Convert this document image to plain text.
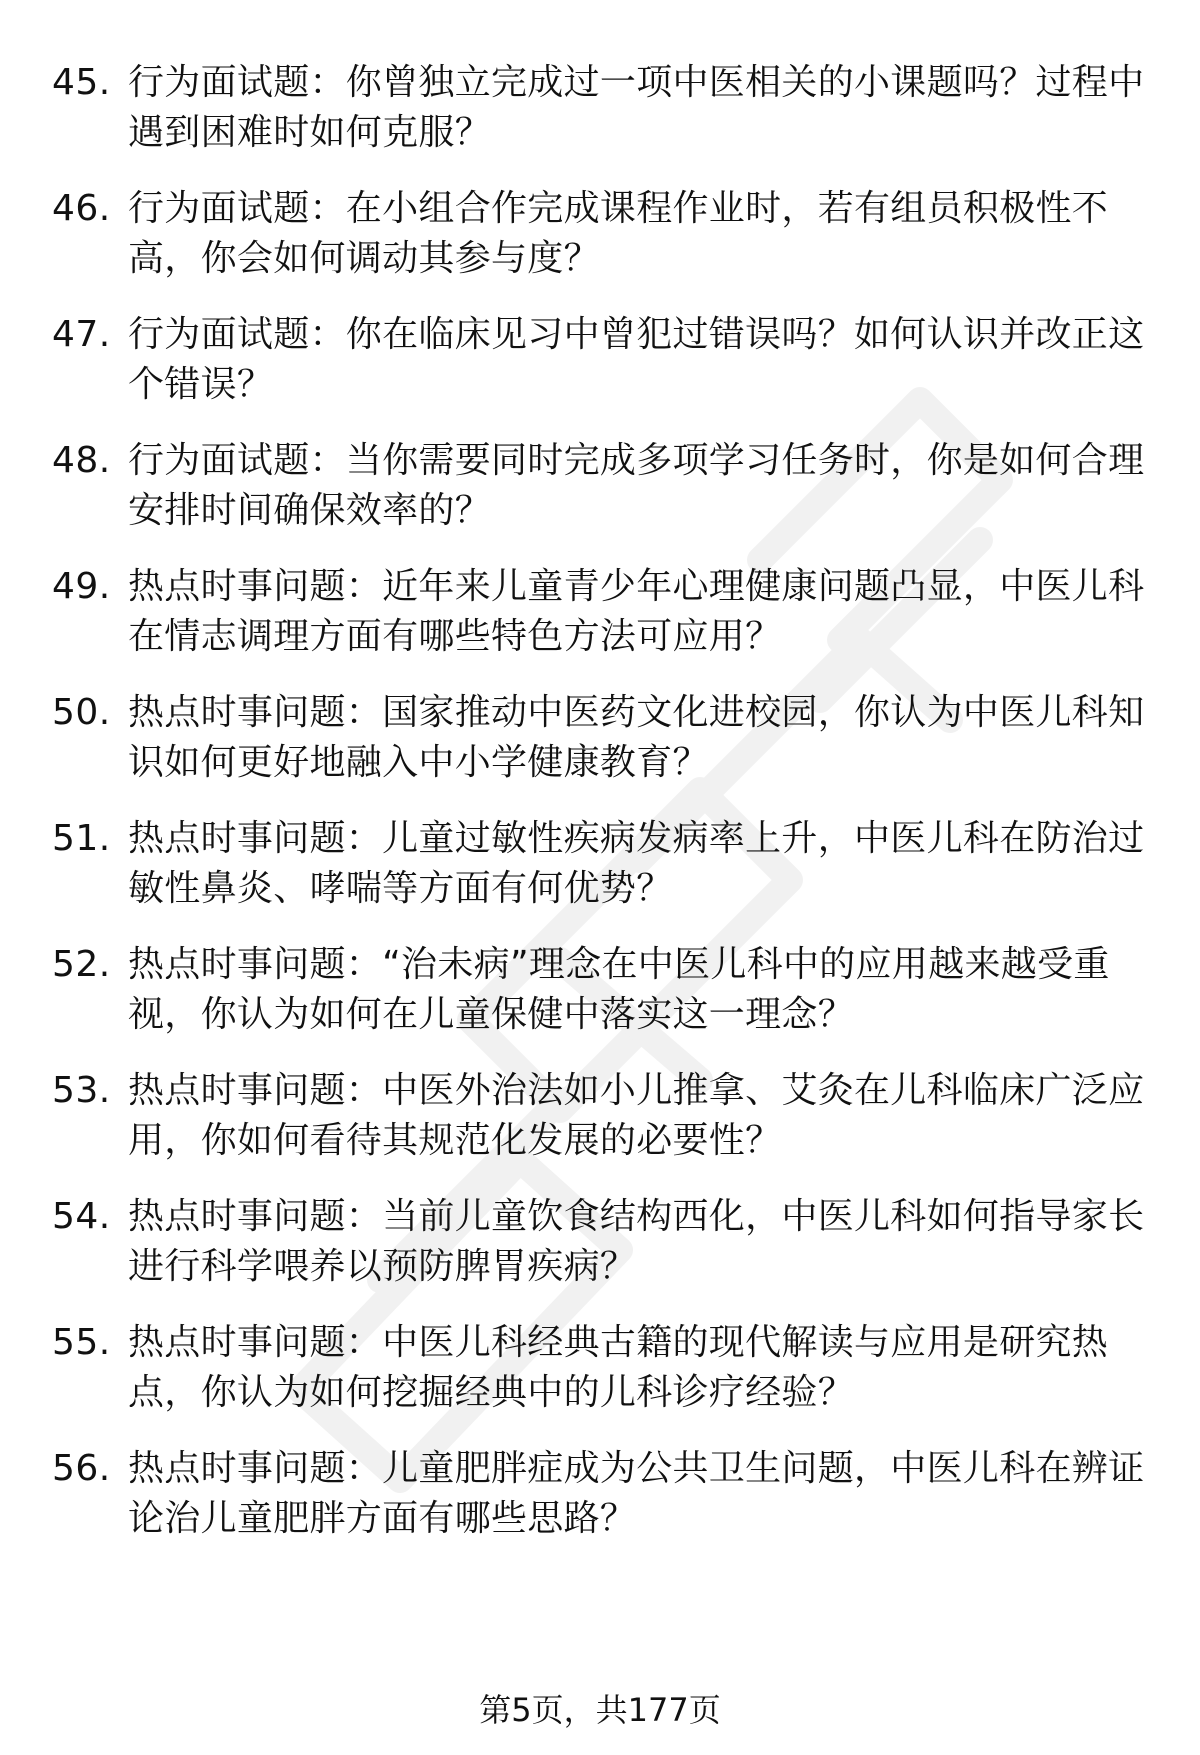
45. 行为面试题：你曾独立完成过一项中医相关的小课题吗？过程中遇到困难时如何克服？
46. 行为面试题：在小组合作完成课程作业时，若有组员积极性不高，你会如何调动其参与度？
47. 行为面试题：你在临床见习中曾犯过错误吗？如何认识并改正这个错误？
48. 行为面试题：当你需要同时完成多项学习任务时，你是如何合理安排时间确保效率的？
49. 热点时事问题：近年来儿童青少年心理健康问题凸显，中医儿科在情志调理方面有哪些特色方法可应用？
50. 热点时事问题：国家推动中医药文化进校园，你认为中医儿科知识如何更好地融入中小学健康教育？
51. 热点时事问题：儿童过敏性疾病发病率上升，中医儿科在防治过敏性鼻炎、哮喘等方面有何优势？
52. 热点时事问题：“治未病”理念在中医儿科中的应用越来越受重视，你认为如何在儿童保健中落实这一理念？
53. 热点时事问题：中医外治法如小儿推拿、艾灸在儿科临床广泛应用，你如何看待其规范化发展的必要性？
54. 热点时事问题：当前儿童饮食结构西化，中医儿科如何指导家长进行科学喂养以预防脾胃疾病？
55. 热点时事问题：中医儿科经典古籍的现代解读与应用是研究热点，你认为如何挖掘经典中的儿科诊疗经验？
56. 热点时事问题：儿童肥胖症成为公共卫生问题，中医儿科在辨证论治儿童肥胖方面有哪些思路？
第5页，共177页
